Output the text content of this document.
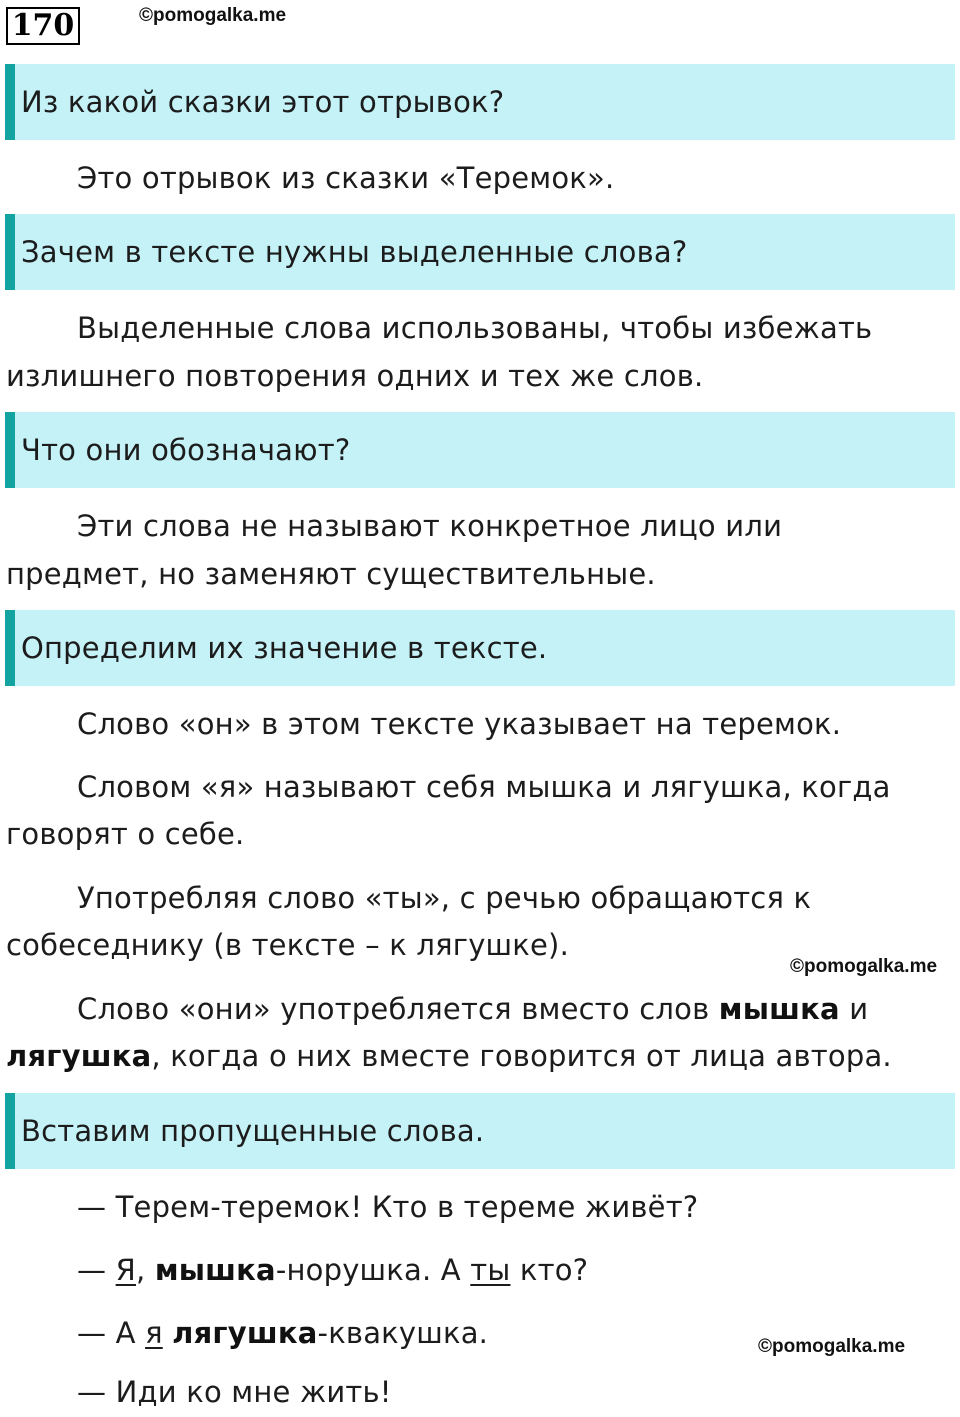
170	©pomogalka.me
Из какой сказки этот отрывок?
Это отрывок из сказки «Теремок».
Зачем в тексте нужны выделенные слова?
Выделенные слова использованы, чтобы избежать
излишнего повторения одних и тех же слов.
Что они обозначают?
Эти слова не называют конкретное лицо или
предмет, но заменяют существительные.
Определим их значение в тексте.
Слово «он» в этом тексте указывает на теремок.
Словом «я» называют себя мышка и лягушка, когда
говорят о себе.
Употребляя слово «ты», с речью обращаются к
собеседнику (в тексте – к лягушке).
©pomogalka.me
Слово «они» употребляется вместо слов мышка и
лягушка, когда о них вместе говорится от лица автора.
Вставим пропущенные слова.
— Терем-теремок! Кто в тереме живёт?
— Я, мышка-норушка. А ты кто?
— А я лягушка-квакушка.	©pomogalka.me
— Иди ко мне жить!
